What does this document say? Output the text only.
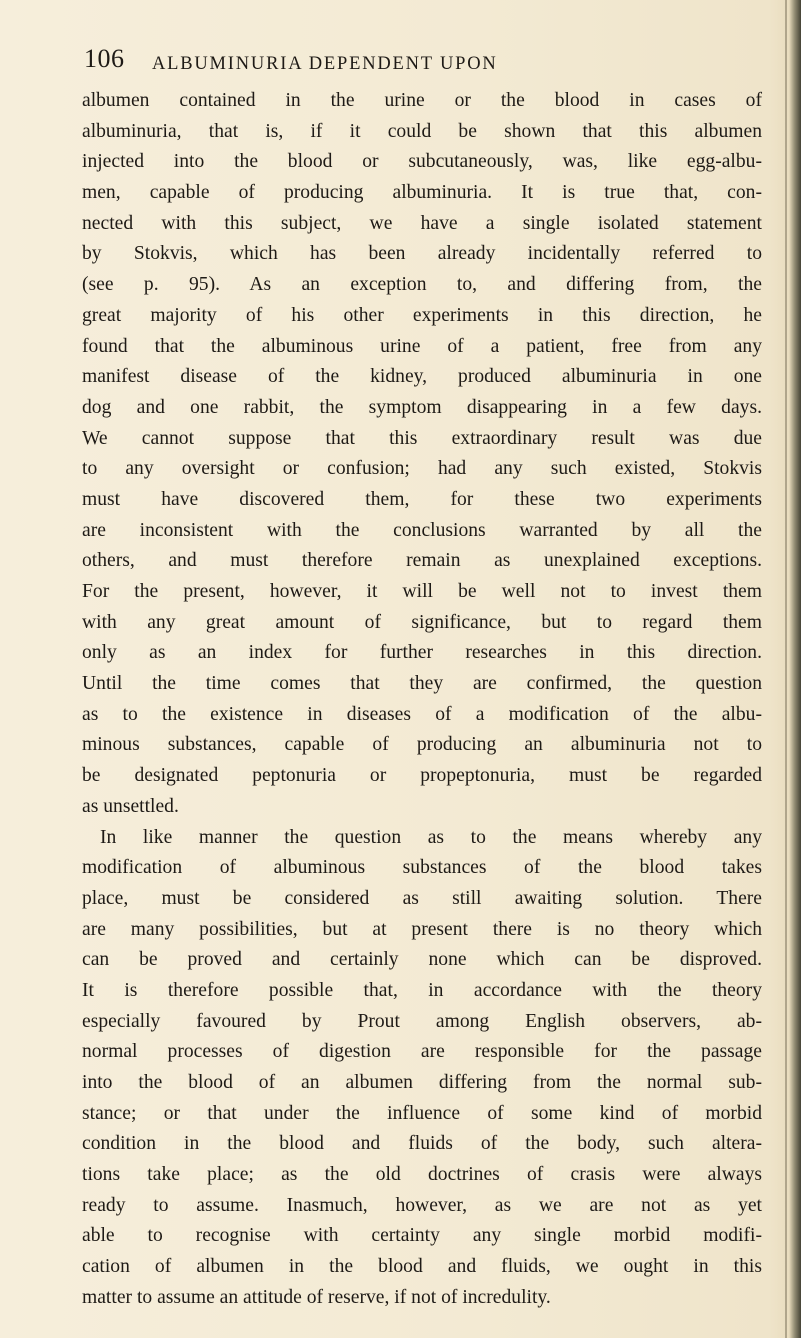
106 ALBUMINURIA DEPENDENT UPON
albumen contained in the urine or the blood in cases of
albuminuria, that is, if it could be shown that this albumen
injected into the blood or subcutaneously, was, like egg-albu-
men, capable of producing albuminuria. It is true that, con-
nected with this subject, we have a single isolated statement
by Stokvis, which has been already incidentally referred to
(see p. 95). As an exception to, and differing from, the
great majority of his other experiments in this direction, he
found that the albuminous urine of a patient, free from any
manifest disease of the kidney, produced albuminuria in one
dog and one rabbit, the symptom disappearing in a few days.
We cannot suppose that this extraordinary result was due
to any oversight or confusion; had any such existed, Stokvis
must have discovered them, for these two experiments
are inconsistent with the conclusions warranted by all the
others, and must therefore remain as unexplained exceptions.
For the present, however, it will be well not to invest them
with any great amount of significance, but to regard them
only as an index for further researches in this direction.
Until the time comes that they are confirmed, the question
as to the existence in diseases of a modification of the albu-
minous substances, capable of producing an albuminuria not to
be designated peptonuria or propeptonuria, must be regarded
as unsettled.
In like manner the question as to the means whereby any
modification of albuminous substances of the blood takes
place, must be considered as still awaiting solution. There
are many possibilities, but at present there is no theory which
can be proved and certainly none which can be disproved.
It is therefore possible that, in accordance with the theory
especially favoured by Prout among English observers, ab-
normal processes of digestion are responsible for the passage
into the blood of an albumen differing from the normal sub-
stance; or that under the influence of some kind of morbid
condition in the blood and fluids of the body, such altera-
tions take place; as the old doctrines of crasis were always
ready to assume. Inasmuch, however, as we are not as yet
able to recognise with certainty any single morbid modifi-
cation of albumen in the blood and fluids, we ought in this
matter to assume an attitude of reserve, if not of incredulity.
